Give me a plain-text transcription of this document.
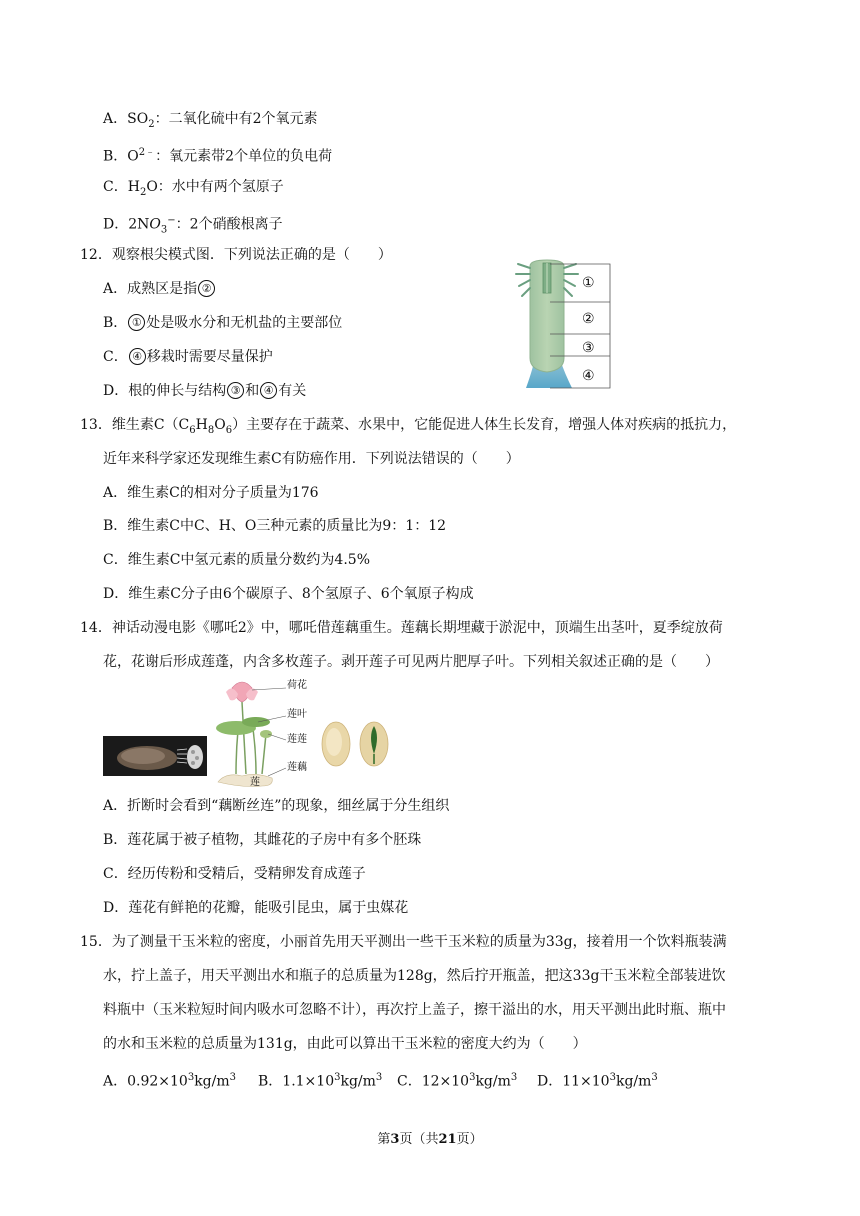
A．$SO_2$：二氧化硫中有2个氧元素
B．$O^{2﹣}$：氧元素带2个单位的负电荷
C．$H_2O$：水中有两个氢原子
D．$2NO_3^-$：2个硝酸根离子
12．观察根尖模式图．下列说法正确的是（　　）
A．成熟区是指 ②
B． ① 处是吸水分和无机盐的主要部位
C． ④ 移栽时需要尽量保护
D．根的伸长与结构 ③ 和 ④ 有关
①
②
③
④
13．维生素$C(C_6H_8O_6)$主要存在于蔬菜、水果中，它能促进人体生长发育，增强人体对疾病的抵抗力，
近年来科学家还发现维生素C有防癌作用．下列说法错误的（　　）
A．维生素C的相对分子质量为176
B．维生素C中C、H、O三种元素的质量比为9：1：12
C．维生素C中氢元素的质量分数约为4.5%
D．维生素C分子由6个碳原子、8个氢原子、6个氧原子构成
14．神话动漫电影《哪吒2》中，哪吒借莲藕重生。莲藕长期埋藏于淤泥中，顶端生出茎叶，夏季绽放荷
花，花谢后形成莲蓬，内含多枚莲子。剥开莲子可见两片肥厚子叶。下列相关叙述正确的是（　　）
荷花
莲叶
莲莲
莲藕
莲
A．折断时会看到“藕断丝连”的现象，细丝属于分生组织
B．莲花属于被子植物，其雌花的子房中有多个胚珠
C．经历传粉和受精后，受精卵发育成莲子
D．莲花有鲜艳的花瓣，能吸引昆虫，属于虫媒花
15．为了测量干玉米粒的密度，小丽首先用天平测出一些干玉米粒的质量为33g，接着用一个饮料瓶装满
水，拧上盖子，用天平测出水和瓶子的总质量为128g，然后拧开瓶盖，把这33g干玉米粒全部装进饮
料瓶中（玉米粒短时间内吸水可忽略不计），再次拧上盖子，擦干溢出的水，用天平测出此时瓶、瓶中
的水和玉米粒的总质量为131g，由此可以算出干玉米粒的密度大约为（　　）
A．$0.92\times 10^3kg/m^3$ B．$1.1\times 10^3kg/m^3$ C．$12\times 10^3kg/m^3$ D．$11\times 10^3kg/m^3$
第3页（共21页）
